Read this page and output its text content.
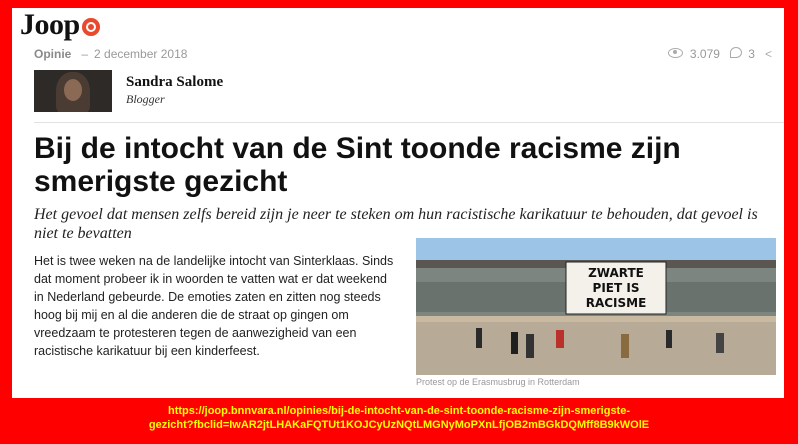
Joop
Opinie – 2 december 2018	3.079	3 <
Sandra Salome
Blogger
Bij de intocht van de Sint toonde racisme zijn smerigste gezicht
Het gevoel dat mensen zelfs bereid zijn je neer te steken om hun racistische karikatuur te behouden, dat gevoel is niet te bevatten
Het is twee weken na de landelijke intocht van Sinterklaas. Sinds dat moment probeer ik in woorden te vatten wat er dat weekend in Nederland gebeurde. De emoties zaten en zitten nog steeds hoog bij mij en al die anderen die de straat op gingen om vreedzaam te protesteren tegen de aanwezigheid van een racistische karikatuur bij een kinderfeest.
ZWARTE
PIET IS
RACISME
Protest op de Erasmusbrug in Rotterdam
https://joop.bnnvara.nl/opinies/bij-de-intocht-van-de-sint-toonde-racisme-zijn-smerigste-
gezicht?fbclid=IwAR2jtLHAKaFQTUt1KOJCyUzNQtLMGNyMoPXnLfjOB2mBGkDQMff8B9kWOlE
